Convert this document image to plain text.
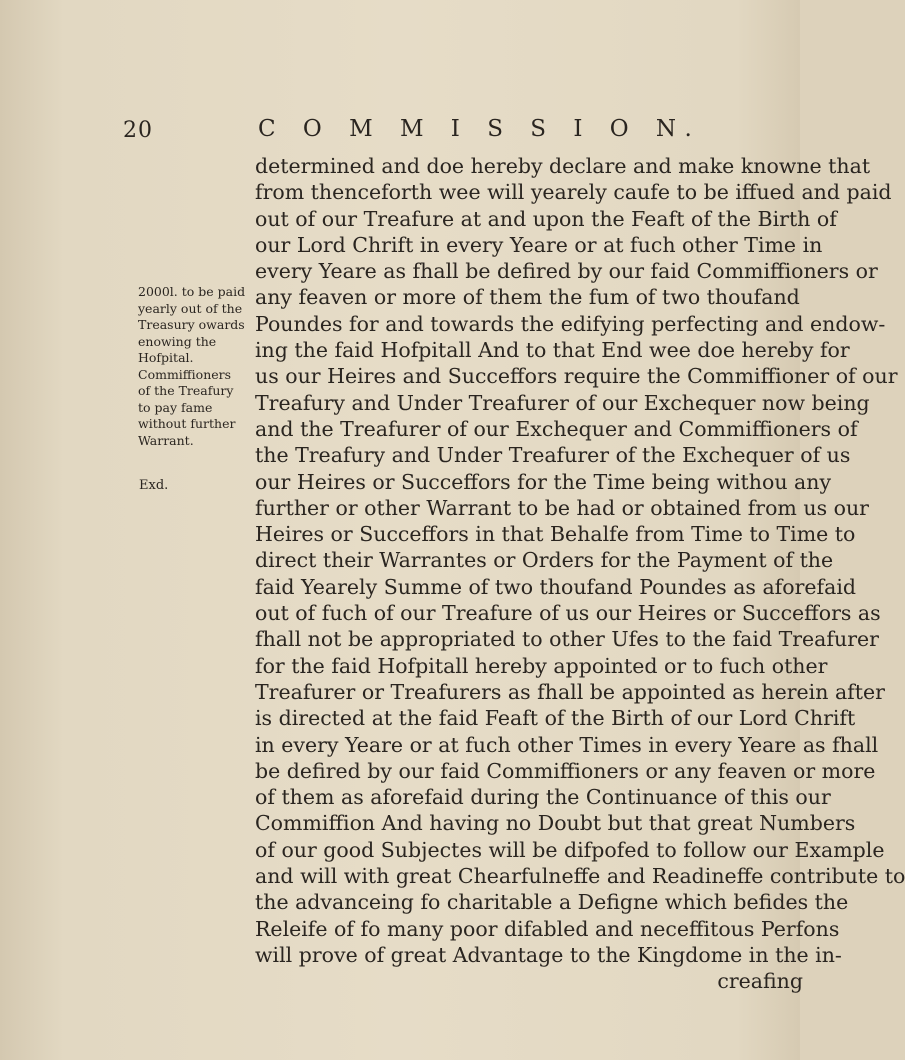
20	C O M M I S S I O N.
2000l. to be paid
yearly out of the
Treasury owards
enowing the
Hofpital.
Commiffioners
of the Treafury
to pay fame
without further
Warrant.
Exd.
determined and doe hereby declare and make knowne that
from thenceforth wee will yearely caufe to be iffued and paid
out of our Treafure at and upon the Feaft of the Birth of
our Lord Chrift in every Yeare or at fuch other Time in
every Yeare as fhall be defired by our faid Commiffioners or
any feaven or more of them the fum of two thoufand
Poundes for and towards the edifying perfecting and endow-
ing the faid Hofpitall And to that End wee doe hereby for
us our Heires and Succeffors require the Commiffioner of our
Treafury and Under Treafurer of our Exchequer now being
and the Treafurer of our Exchequer and Commiffioners of
the Treafury and Under Treafurer of the Exchequer of us
our Heires or Succeffors for the Time being withou any
further or other Warrant to be had or obtained from us our
Heires or Succeffors in that Behalfe from Time to Time to
direct their Warrantes or Orders for the Payment of the
faid Yearely Summe of two thoufand Poundes as aforefaid
out of fuch of our Treafure of us our Heires or Succeffors as
fhall not be appropriated to other Ufes to the faid Treafurer
for the faid Hofpitall hereby appointed or to fuch other
Treafurer or Treafurers as fhall be appointed as herein after
is directed at the faid Feaft of the Birth of our Lord Chrift
in every Yeare or at fuch other Times in every Yeare as fhall
be defired by our faid Commiffioners or any feaven or more
of them as aforefaid during the Continuance of this our
Commiffion And having no Doubt but that great Numbers
of our good Subjectes will be difpofed to follow our Example
and will with great Chearfulneffe and Readineffe contribute to
the advanceing fo charitable a Defigne which befides the
Releife of fo many poor difabled and neceffitous Perfons
will prove of great Advantage to the Kingdome in the in-
creafing
